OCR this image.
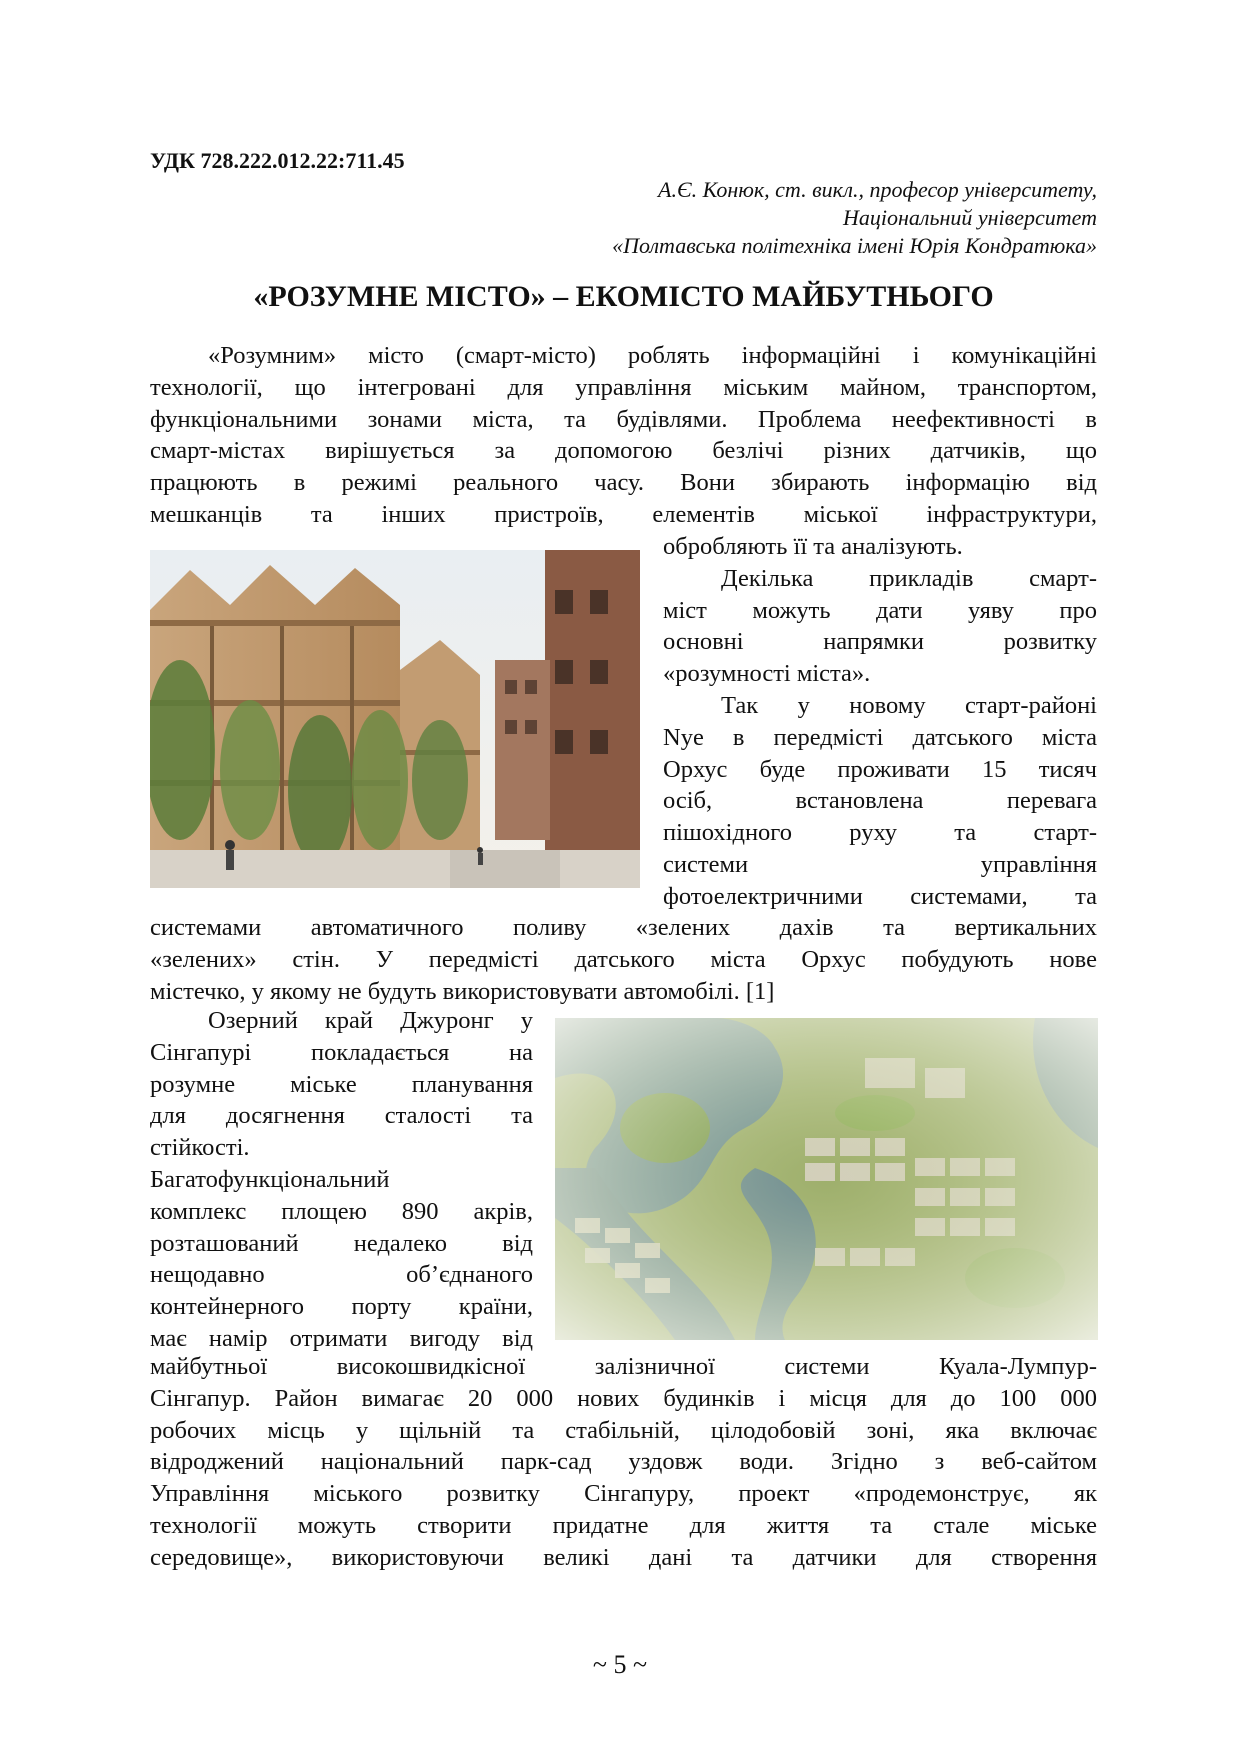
УДК 728.222.012.22:711.45
А.Є. Конюк, ст. викл., професор університету,
Національний університет
«Полтавська політехніка імені Юрія Кондратюка»
«РОЗУМНЕ МІСТО» – ЕКОМІСТО МАЙБУТНЬОГО
«Розумним» місто (смарт-місто) роблять інформаційні і комунікаційні
технології, що інтегровані для управління міським майном, транспортом,
функціональними зонами міста, та будівлями. Проблема неефективності в
смарт-містах вирішується за допомогою безлічі різних датчиків, що
працюють в режимі реального часу. Вони збирають інформацію від
мешканців та інших пристроїв, елементів міської інфраструктури,
обробляють її та аналізують.
Декілька прикладів смарт-
міст можуть дати уяву про
основні напрямки розвитку
«розумності міста».
Так у новому старт-районі
Nye в передмісті датського міста
Орхус буде проживати 15 тисяч
осіб, встановлена перевага
пішохідного руху та старт-
системи управління
фотоелектричними системами, та
системами автоматичного поливу «зелених дахів та вертикальних
«зелених» стін. У передмісті датського міста Орхус побудують нове
містечко, у якому не будуть використовувати автомобілі. [1]
Озерний край Джуронг у
Сінгапурі покладається на
розумне міське планування
для досягнення сталості та
стійкості.
Багатофункціональний
комплекс площею 890 акрів,
розташований недалеко від
нещодавно об’єднаного
контейнерного порту країни,
має намір отримати вигоду від
майбутньої високошвидкісної залізничної системи Куала-Лумпур-
Сінгапур. Район вимагає 20 000 нових будинків і місця для до 100 000
робочих місць у щільній та стабільній, цілодобовій зоні, яка включає
відроджений національний парк-сад уздовж води. Згідно з веб-сайтом
Управління міського розвитку Сінгапуру, проект «продемонструє, як
технології можуть створити придатне для життя та стале міське
середовище», використовуючи великі дані та датчики для створення
~ 5 ~
